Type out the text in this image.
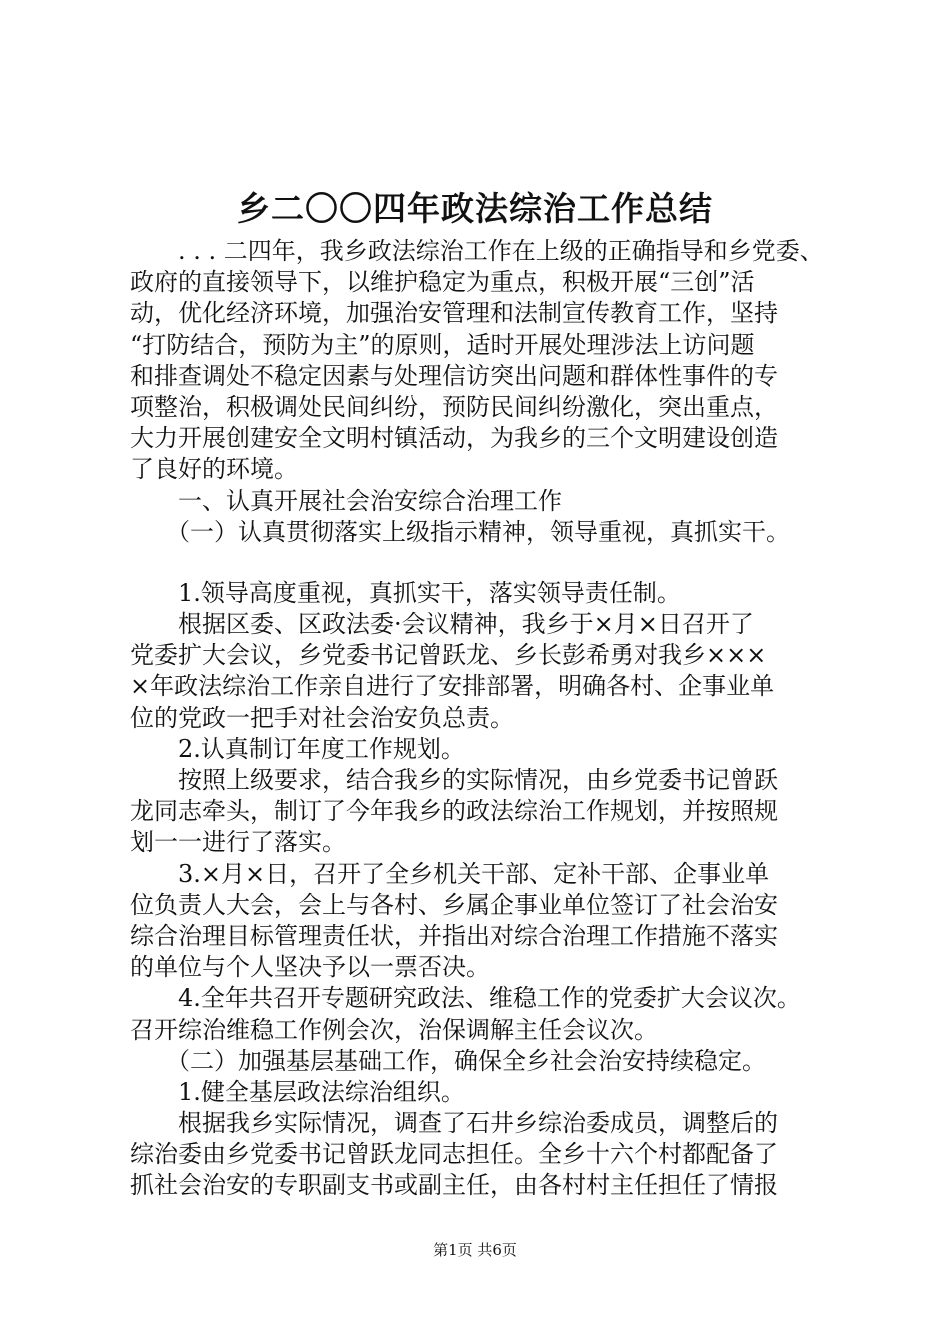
乡二〇〇四年政法综治工作总结
　　. . . 二四年，我乡政法综治工作在上级的正确指导和乡党委、
政府的直接领导下，以维护稳定为重点，积极开展“三创”活
动，优化经济环境，加强治安管理和法制宣传教育工作，坚持
“打防结合，预防为主”的原则，适时开展处理涉法上访问题
和排查调处不稳定因素与处理信访突出问题和群体性事件的专
项整治，积极调处民间纠纷，预防民间纠纷激化，突出重点，
大力开展创建安全文明村镇活动，为我乡的三个文明建设创造
了良好的环境。
　　一、认真开展社会治安综合治理工作
　　（一）认真贯彻落实上级指示精神，领导重视，真抓实干。
　　1.领导高度重视，真抓实干，落实领导责任制。
　　根据区委、区政法委·会议精神，我乡于×月×日召开了
党委扩大会议，乡党委书记曾跃龙、乡长彭希勇对我乡×××
×年政法综治工作亲自进行了安排部署，明确各村、企事业单
位的党政一把手对社会治安负总责。
　　2.认真制订年度工作规划。
　　按照上级要求，结合我乡的实际情况，由乡党委书记曾跃
龙同志牵头，制订了今年我乡的政法综治工作规划，并按照规
划一一进行了落实。
　　3.×月×日，召开了全乡机关干部、定补干部、企事业单
位负责人大会，会上与各村、乡属企事业单位签订了社会治安
综合治理目标管理责任状，并指出对综合治理工作措施不落实
的单位与个人坚决予以一票否决。
　　4.全年共召开专题研究政法、维稳工作的党委扩大会议次。
召开综治维稳工作例会次，治保调解主任会议次。
　　（二）加强基层基础工作，确保全乡社会治安持续稳定。
　　1.健全基层政法综治组织。
　　根据我乡实际情况，调查了石井乡综治委成员，调整后的
综治委由乡党委书记曾跃龙同志担任。全乡十六个村都配备了
抓社会治安的专职副支书或副主任，由各村村主任担任了情报
第1页 共6页
